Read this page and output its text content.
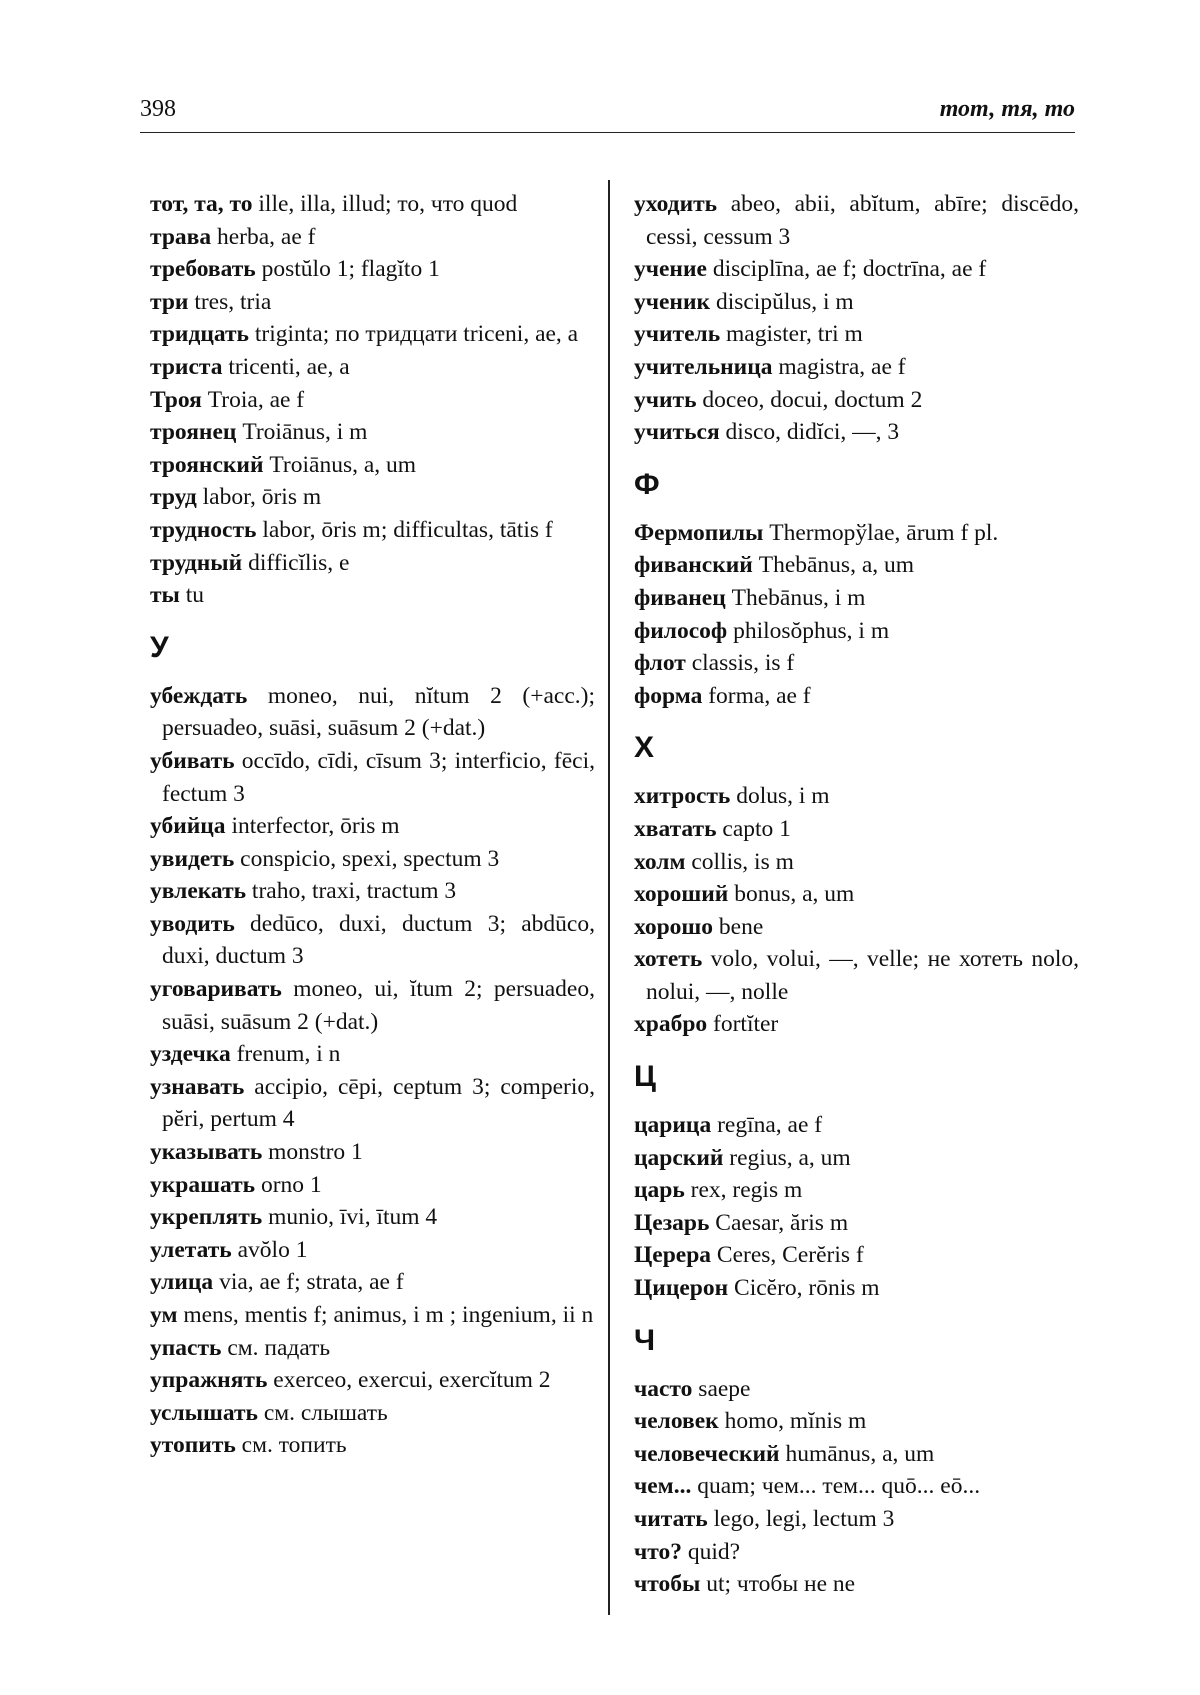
398	тот, тя, то
тот, та, то ille, illa, illud; то, что quod
трава herba, ae f
требовать postŭlo 1; flagĭto 1
три tres, tria
тридцать triginta; по тридцати triceni, ae, a
триста tricenti, ae, a
Троя Troia, ae f
троянец Troiānus, i m
троянский Troiānus, a, um
труд labor, ōris m
трудность labor, ōris m; difficultas, tātis f
трудный difficĭlis, e
ты tu
У
убеждать moneo, nui, nĭtum 2 (+acc.); persuadeo, suāsi, suāsum 2 (+dat.)
убивать occīdo, cīdi, cīsum 3; interficio, fēci, fectum 3
убийца interfector, ōris m
увидеть conspicio, spexi, spectum 3
увлекать traho, traxi, tractum 3
уводить dedūco, duxi, ductum 3; abdūco, duxi, ductum 3
уговаривать moneo, ui, ĭtum 2; persuadeo, suāsi, suāsum 2 (+dat.)
уздечка frenum, i n
узнавать accipio, cēpi, ceptum 3; comperio, pĕri, pertum 4
указывать monstro 1
украшать orno 1
укреплять munio, īvi, ītum 4
улетать avŏlo 1
улица via, ae f; strata, ae f
ум mens, mentis f; animus, i m ; ingenium, ii n
упасть см. падать
упражнять exerceo, exercui, exercĭtum 2
услышать см. слышать
утопить см. топить
уходить abeo, abii, abĭtum, abīre; discēdo, cessi, cessum 3
учение disciplīna, ae f; doctrīna, ae f
ученик discipŭlus, i m
учитель magister, tri m
учительница magistra, ae f
учить doceo, docui, doctum 2
учиться disco, didĭci, —, 3
Ф
Фермопилы Thermopўlae, ārum f pl.
фиванский Thebānus, a, um
фиванец Thebānus, i m
философ philosŏphus, i m
флот classis, is f
форма forma, ae f
Х
хитрость dolus, i m
хватать capto 1
холм collis, is m
хороший bonus, a, um
хорошо bene
хотеть volo, volui, —, velle; не хотеть nolo, nolui, —, nolle
храбро fortĭter
Ц
царица regīna, ae f
царский regius, a, um
царь rex, regis m
Цезарь Caesar, ăris m
Церера Ceres, Cerĕris f
Цицерон Cicĕro, rōnis m
Ч
часто saepe
человек homo, mĭnis m
человеческий humānus, a, um
чем... quam; чем... тем... quō... eō...
читать lego, legi, lectum 3
что? quid?
чтобы ut; чтобы не ne
